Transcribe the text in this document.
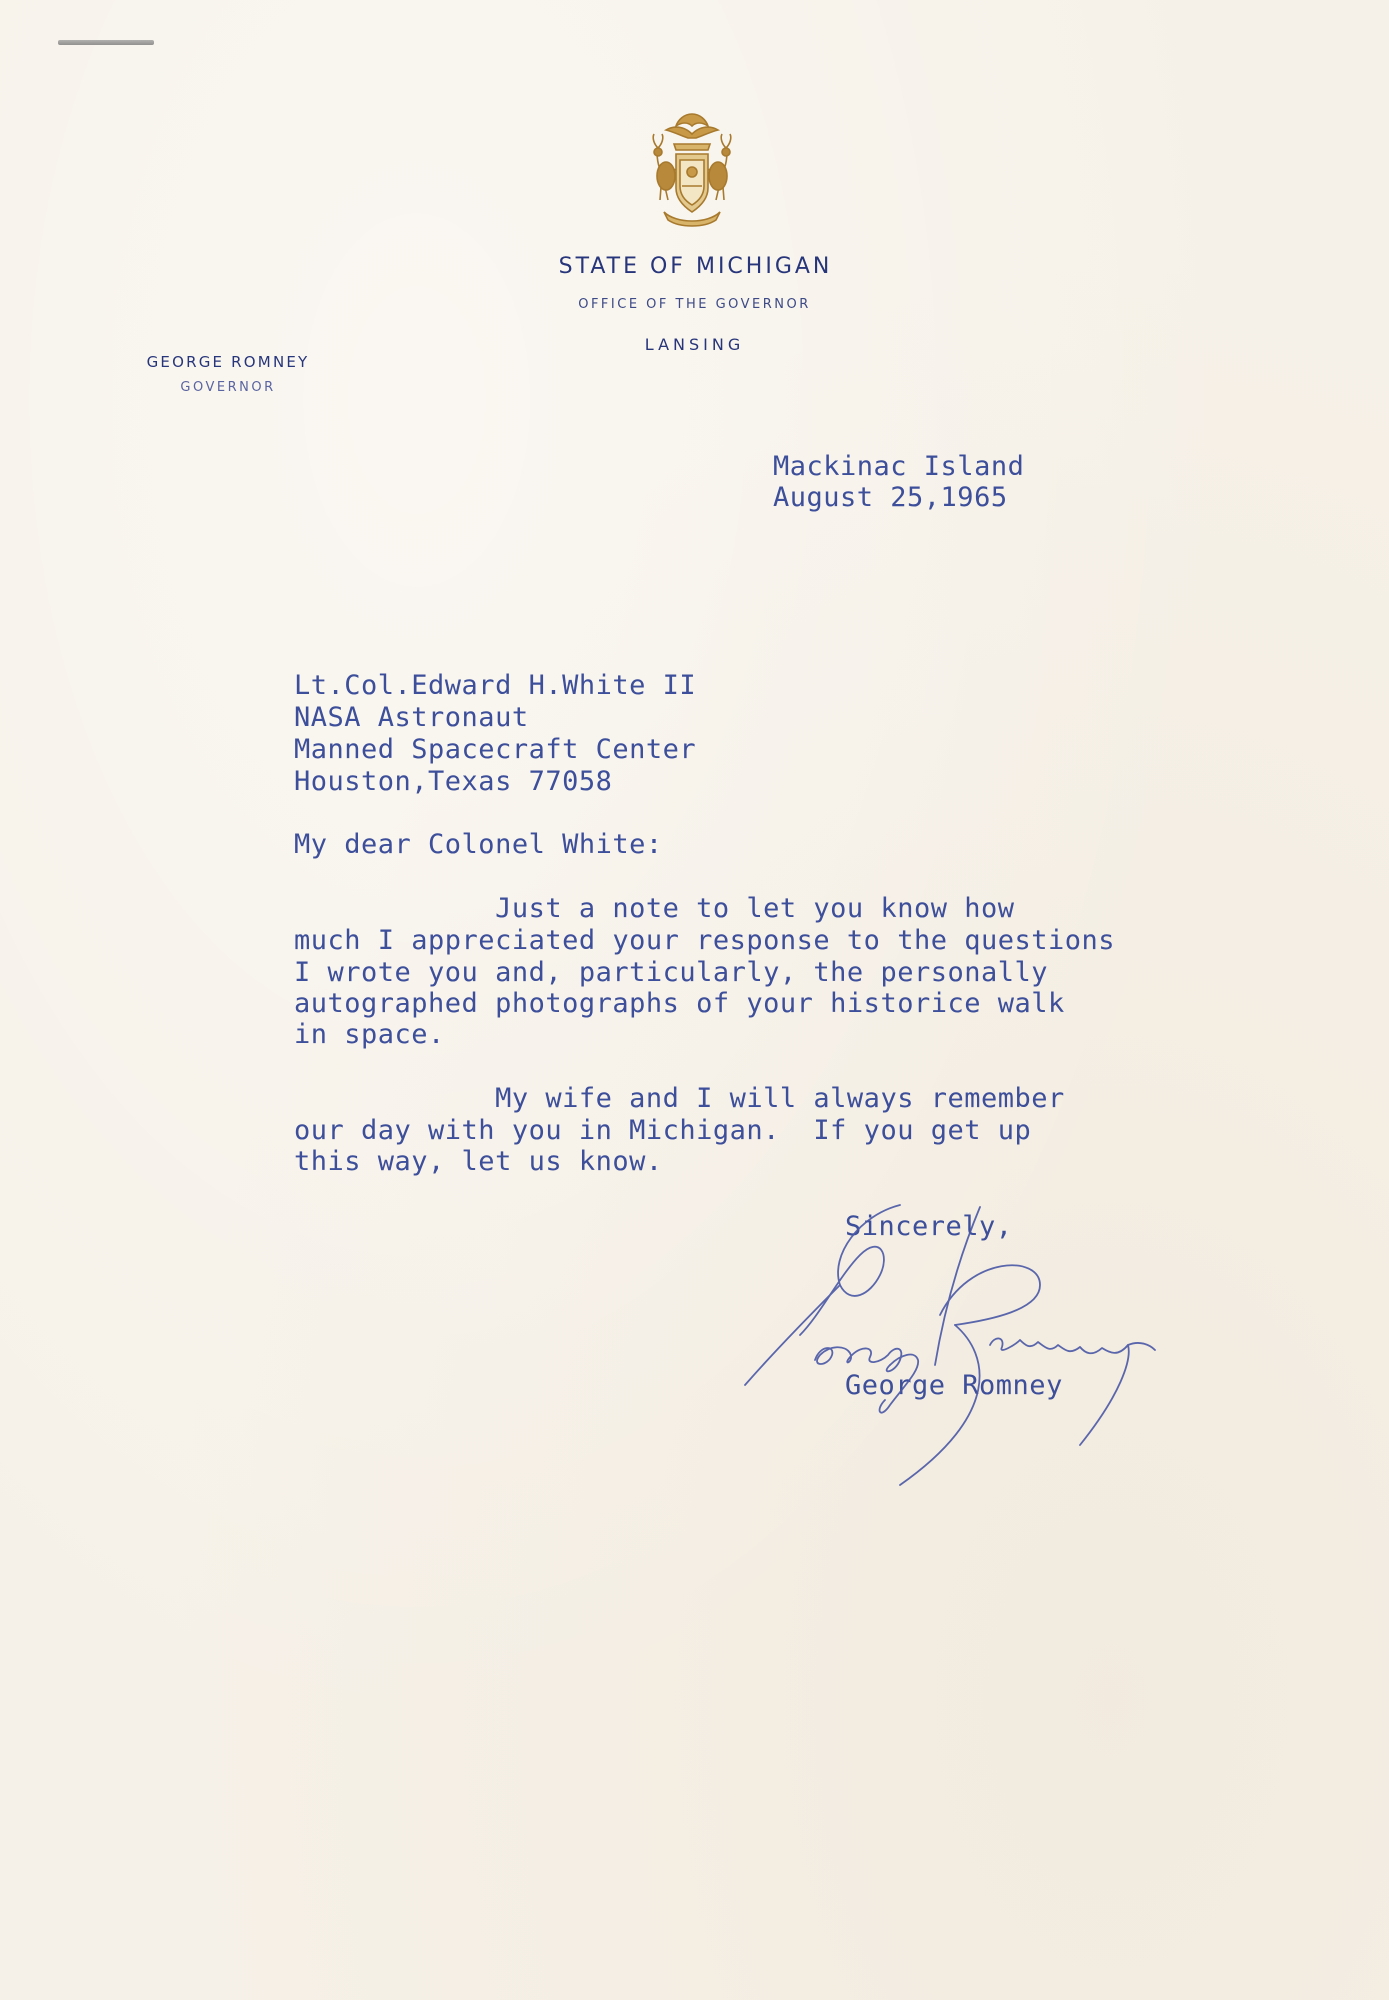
STATE OF MICHIGAN
OFFICE OF THE GOVERNOR
LANSING
GEORGE ROMNEY
GOVERNOR
Mackinac Island
August 25,1965
Lt.Col.Edward H.White II
NASA Astronaut
Manned Spacecraft Center
Houston,Texas 77058
My dear Colonel White:
Just a note to let you know how
much I appreciated your response to the questions
I wrote you and, particularly, the personally
autographed photographs of your historice walk
in space.
My wife and I will always remember
our day with you in Michigan.  If you get up
this way, let us know.
Sincerely,
George Romney
